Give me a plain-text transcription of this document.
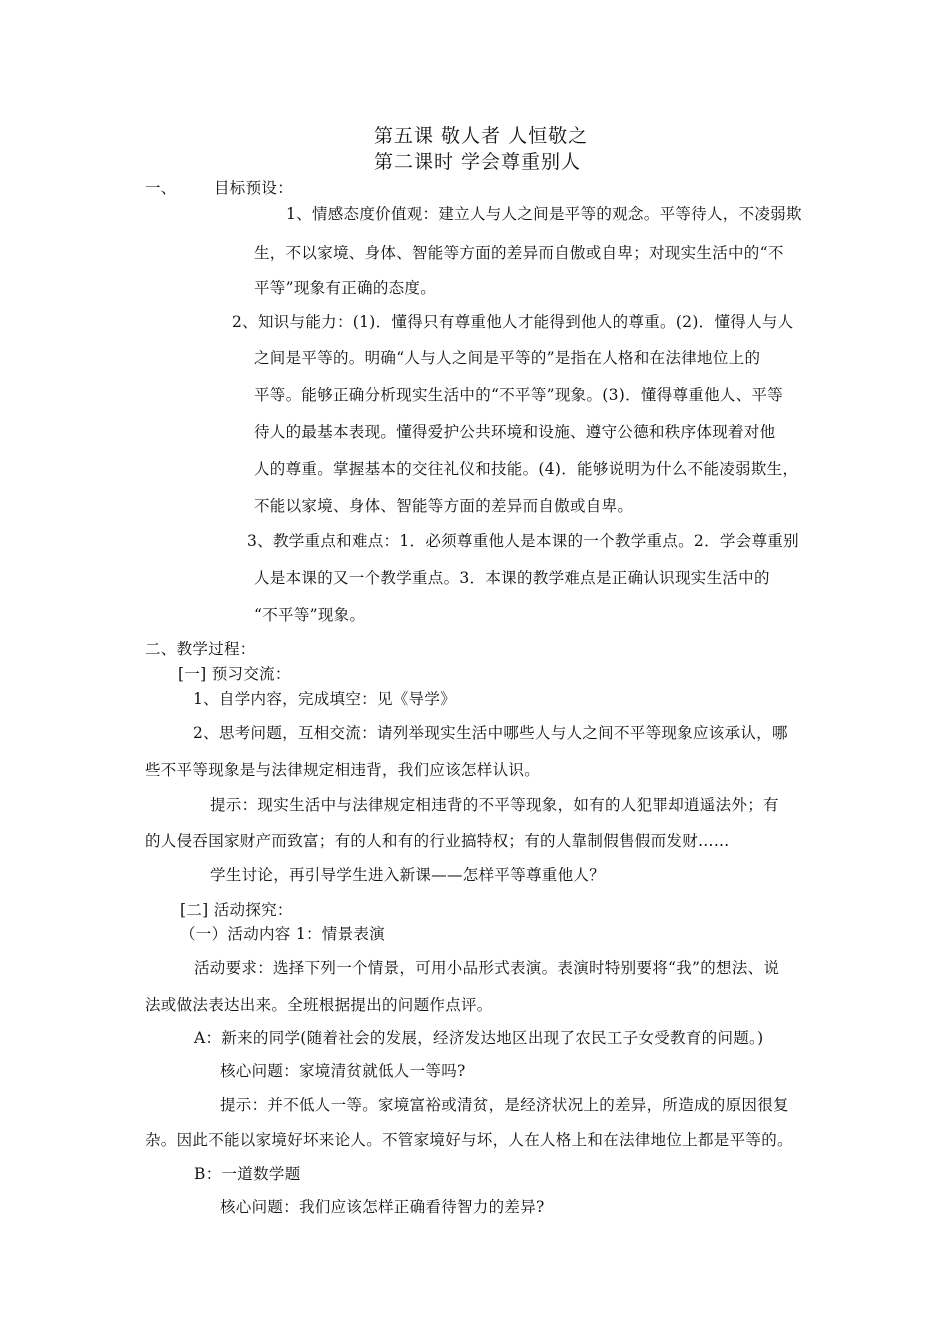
第五课 敬人者 人恒敬之
第二课时 学会尊重别人
一、 目标预设：
1、情感态度价值观：建立人与人之间是平等的观念。平等待人，不凌弱欺
生，不以家境、身体、智能等方面的差异而自傲或自卑；对现实生活中的“不
平等”现象有正确的态度。
2、知识与能力：(1)．懂得只有尊重他人才能得到他人的尊重。(2)．懂得人与人
之间是平等的。明确“人与人之间是平等的”是指在人格和在法律地位上的
平等。能够正确分析现实生活中的“不平等”现象。(3)．懂得尊重他人、平等
待人的最基本表现。懂得爱护公共环境和设施、遵守公德和秩序体现着对他
人的尊重。掌握基本的交往礼仪和技能。(4)．能够说明为什么不能凌弱欺生，
不能以家境、身体、智能等方面的差异而自傲或自卑。
3、教学重点和难点：1．必须尊重他人是本课的一个教学重点。2．学会尊重别
人是本课的又一个教学重点。3．本课的教学难点是正确认识现实生活中的
“不平等”现象。
二、教学过程：
[一] 预习交流：
1、自学内容，完成填空：见《导学》
2、思考问题，互相交流：请列举现实生活中哪些人与人之间不平等现象应该承认，哪
些不平等现象是与法律规定相违背，我们应该怎样认识。
提示：现实生活中与法律规定相违背的不平等现象，如有的人犯罪却逍遥法外；有
的人侵吞国家财产而致富；有的人和有的行业搞特权；有的人靠制假售假而发财……
学生讨论，再引导学生进入新课——怎样平等尊重他人？
[二] 活动探究：
（一）活动内容 1：情景表演
活动要求：选择下列一个情景，可用小品形式表演。表演时特别要将“我”的想法、说
法或做法表达出来。全班根据提出的问题作点评。
A：新来的同学(随着社会的发展，经济发达地区出现了农民工子女受教育的问题。)
核心问题：家境清贫就低人一等吗?
提示：并不低人一等。家境富裕或清贫，是经济状况上的差异，所造成的原因很复
杂。因此不能以家境好坏来论人。不管家境好与坏，人在人格上和在法律地位上都是平等的。
B：一道数学题
核心问题：我们应该怎样正确看待智力的差异?
